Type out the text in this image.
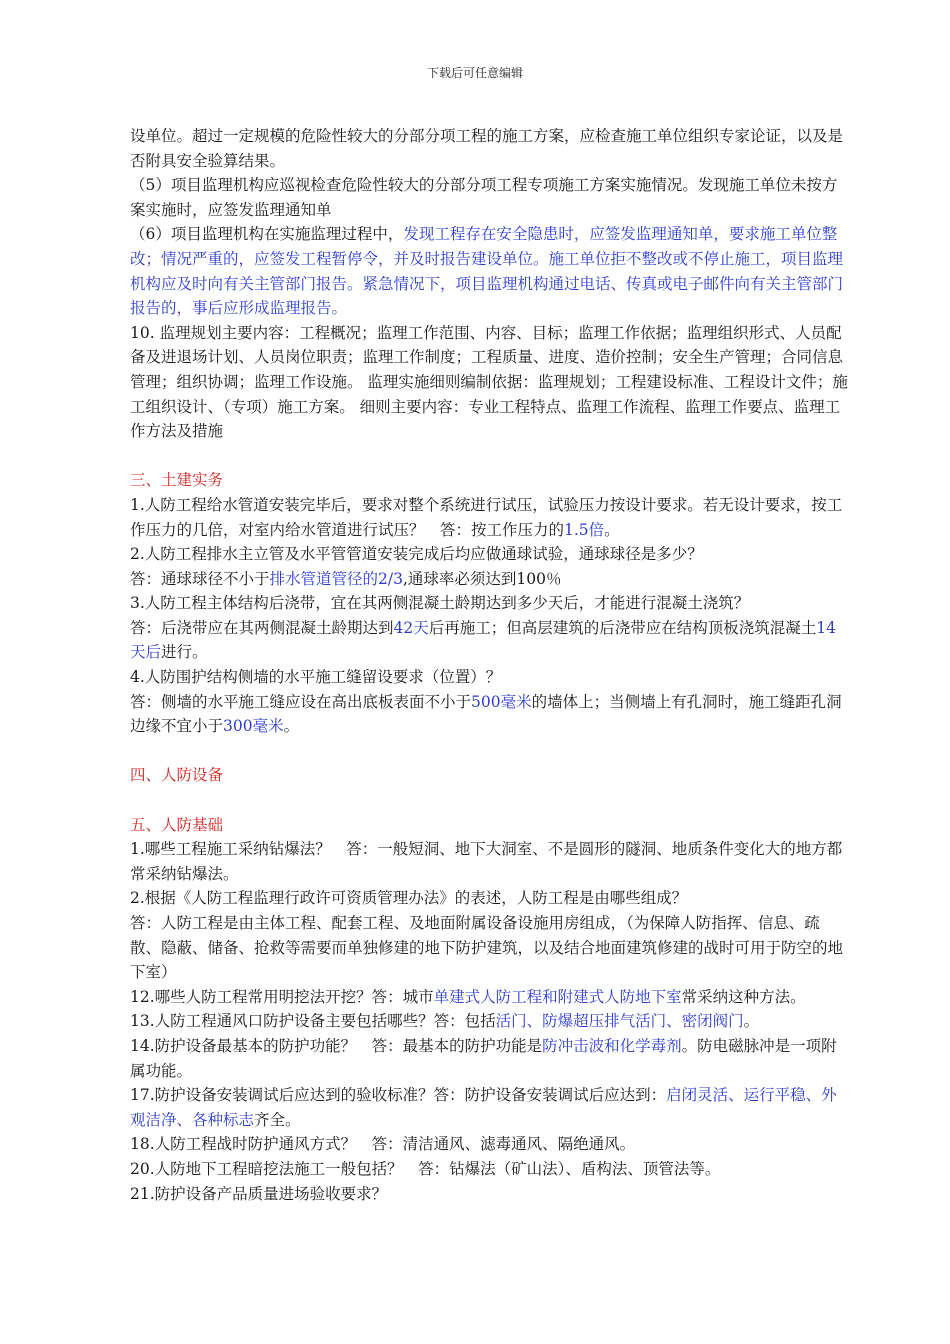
下载后可任意编辑

设单位。超过一定规模的危险性较大的分部分项工程的施工方案，应检查施工单位组织专家论证，以及是否附具安全验算结果。

（5）项目监理机构应巡视检查危险性较大的分部分项工程专项施工方案实施情况。发现施工单位未按方案实施时，应签发监理通知单

（6）项目监理机构在实施监理过程中，发现工程存在安全隐患时，应签发监理通知单，要求施工单位整改；情况严重的，应签发工程暂停令，并及时报告建设单位。施工单位拒不整改或不停止施工，项目监理机构应及时向有关主管部门报告。紧急情况下，项目监理机构通过电话、传真或电子邮件向有关主管部门报告的，事后应形成监理报告。

10. 监理规划主要内容：工程概况；监理工作范围、内容、目标；监理工作依据；监理组织形式、人员配备及进退场计划、人员岗位职责；监理工作制度；工程质量、进度、造价控制；安全生产管理；合同信息管理；组织协调；监理工作设施。 监理实施细则编制依据：监理规划；工程建设标准、工程设计文件；施工组织设计、（专项）施工方案。 细则主要内容：专业工程特点、监理工作流程、监理工作要点、监理工作方法及措施

三、土建实务

1.人防工程给水管道安装完毕后，要求对整个系统进行试压，试验压力按设计要求。若无设计要求，按工作压力的几倍，对室内给水管道进行试压？　答：按工作压力的1.5倍。

2.人防工程排水主立管及水平管管道安装完成后均应做通球试验，通球球径是多少？

答：通球球径不小于排水管道管径的2/3,通球率必须达到100％

3.人防工程主体结构后浇带，宜在其两侧混凝土龄期达到多少天后，才能进行混凝土浇筑？

答：后浇带应在其两侧混凝土龄期达到42天后再施工；但高层建筑的后浇带应在结构顶板浇筑混凝土14天后进行。

4.人防围护结构侧墙的水平施工缝留设要求（位置）？

答：侧墙的水平施工缝应设在高出底板表面不小于500毫米的墙体上；当侧墙上有孔洞时，施工缝距孔洞边缘不宜小于300毫米。

四、人防设备

五、人防基础

1.哪些工程施工采纳钻爆法？　答：一般短洞、地下大洞室、不是圆形的隧洞、地质条件变化大的地方都常采纳钻爆法。

2.根据《人防工程监理行政许可资质管理办法》的表述，人防工程是由哪些组成？

答：人防工程是由主体工程、配套工程、及地面附属设备设施用房组成，（为保障人防指挥、信息、疏散、隐蔽、储备、抢救等需要而单独修建的地下防护建筑，以及结合地面建筑修建的战时可用于防空的地下室）

12.哪些人防工程常用明挖法开挖？答：城市单建式人防工程和附建式人防地下室常采纳这种方法。

13.人防工程通风口防护设备主要包括哪些？答：包括活门、防爆超压排气活门、密闭阀门。

14.防护设备最基本的防护功能？　答：最基本的防护功能是防冲击波和化学毒剂。防电磁脉冲是一项附属功能。

17.防护设备安装调试后应达到的验收标准？答：防护设备安装调试后应达到：启闭灵活、运行平稳、外观洁净、各种标志齐全。

18.人防工程战时防护通风方式？　答：清洁通风、滤毒通风、隔绝通风。

20.人防地下工程暗挖法施工一般包括？　答：钻爆法（矿山法）、盾构法、顶管法等。

21.防护设备产品质量进场验收要求？
